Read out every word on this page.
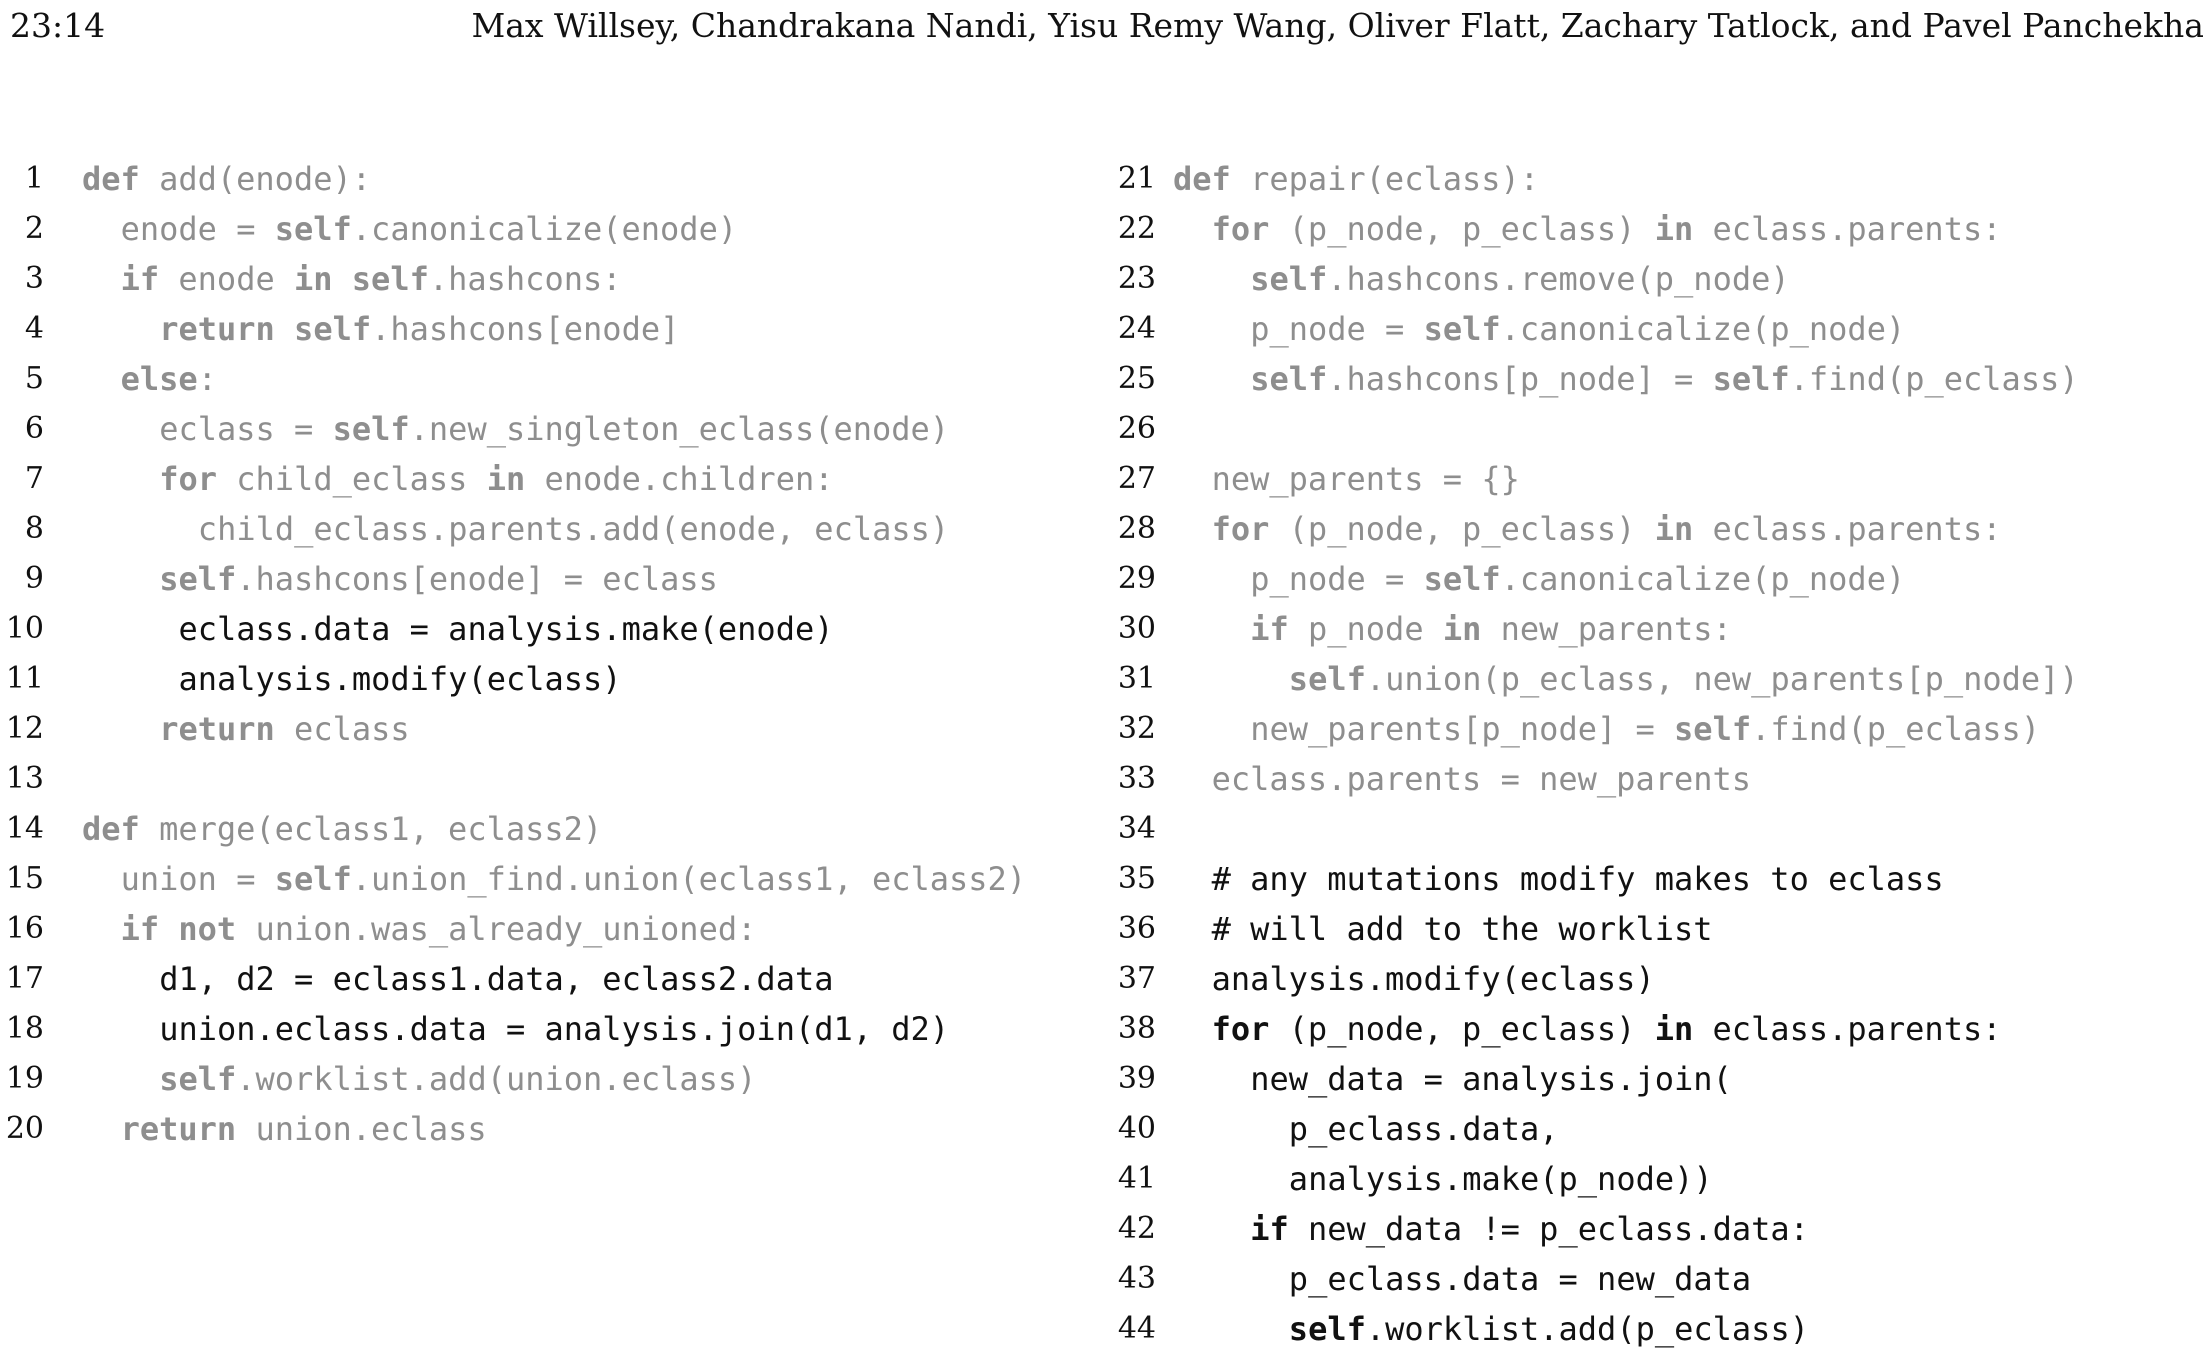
23:14	Max Willsey, Chandrakana Nandi, Yisu Remy Wang, Oliver Flatt, Zachary Tatlock, and Pavel Panchekha
1 def add(enode):
2 enode = self.canonicalize(enode)
3 if enode in self.hashcons:
4	return self.hashcons[enode]
5 else:
6	eclass = self.new_singleton_eclass(enode)
7	for child_eclass in enode.children:
8	child_eclass.parents.add(enode, eclass)
9	self.hashcons[enode] = eclass
10	eclass.data = analysis.make(enode)
11	analysis.modify(eclass)
12	return eclass
13
14 def merge(eclass1, eclass2)
15 union = self.union_find.union(eclass1, eclass2)
16 if not union.was_already_unioned:
17	d1, d2 = eclass1.data, eclass2.data
18	union.eclass.data = analysis.join(d1, d2)
19	self.worklist.add(union.eclass)
20 return union.eclass
21 def repair(eclass):
22 for (p_node, p_eclass) in eclass.parents:
23	self.hashcons.remove(p_node)
24	p_node = self.canonicalize(p_node)
25	self.hashcons[p_node] = self.find(p_eclass)
26
27 new_parents = {}
28 for (p_node, p_eclass) in eclass.parents:
29	p_node = self.canonicalize(p_node)
30	if p_node in new_parents:
31	self.union(p_eclass, new_parents[p_node])
32	new_parents[p_node] = self.find(p_eclass)
33 eclass.parents = new_parents
34
35 # any mutations modify makes to eclass
36 # will add to the worklist
37 analysis.modify(eclass)
38 for (p_node, p_eclass) in eclass.parents:
39	new_data = analysis.join(
40	p_eclass.data,
41	analysis.make(p_node))
42	if new_data != p_eclass.data:
43	p_eclass.data = new_data
44	self.worklist.add(p_eclass)
